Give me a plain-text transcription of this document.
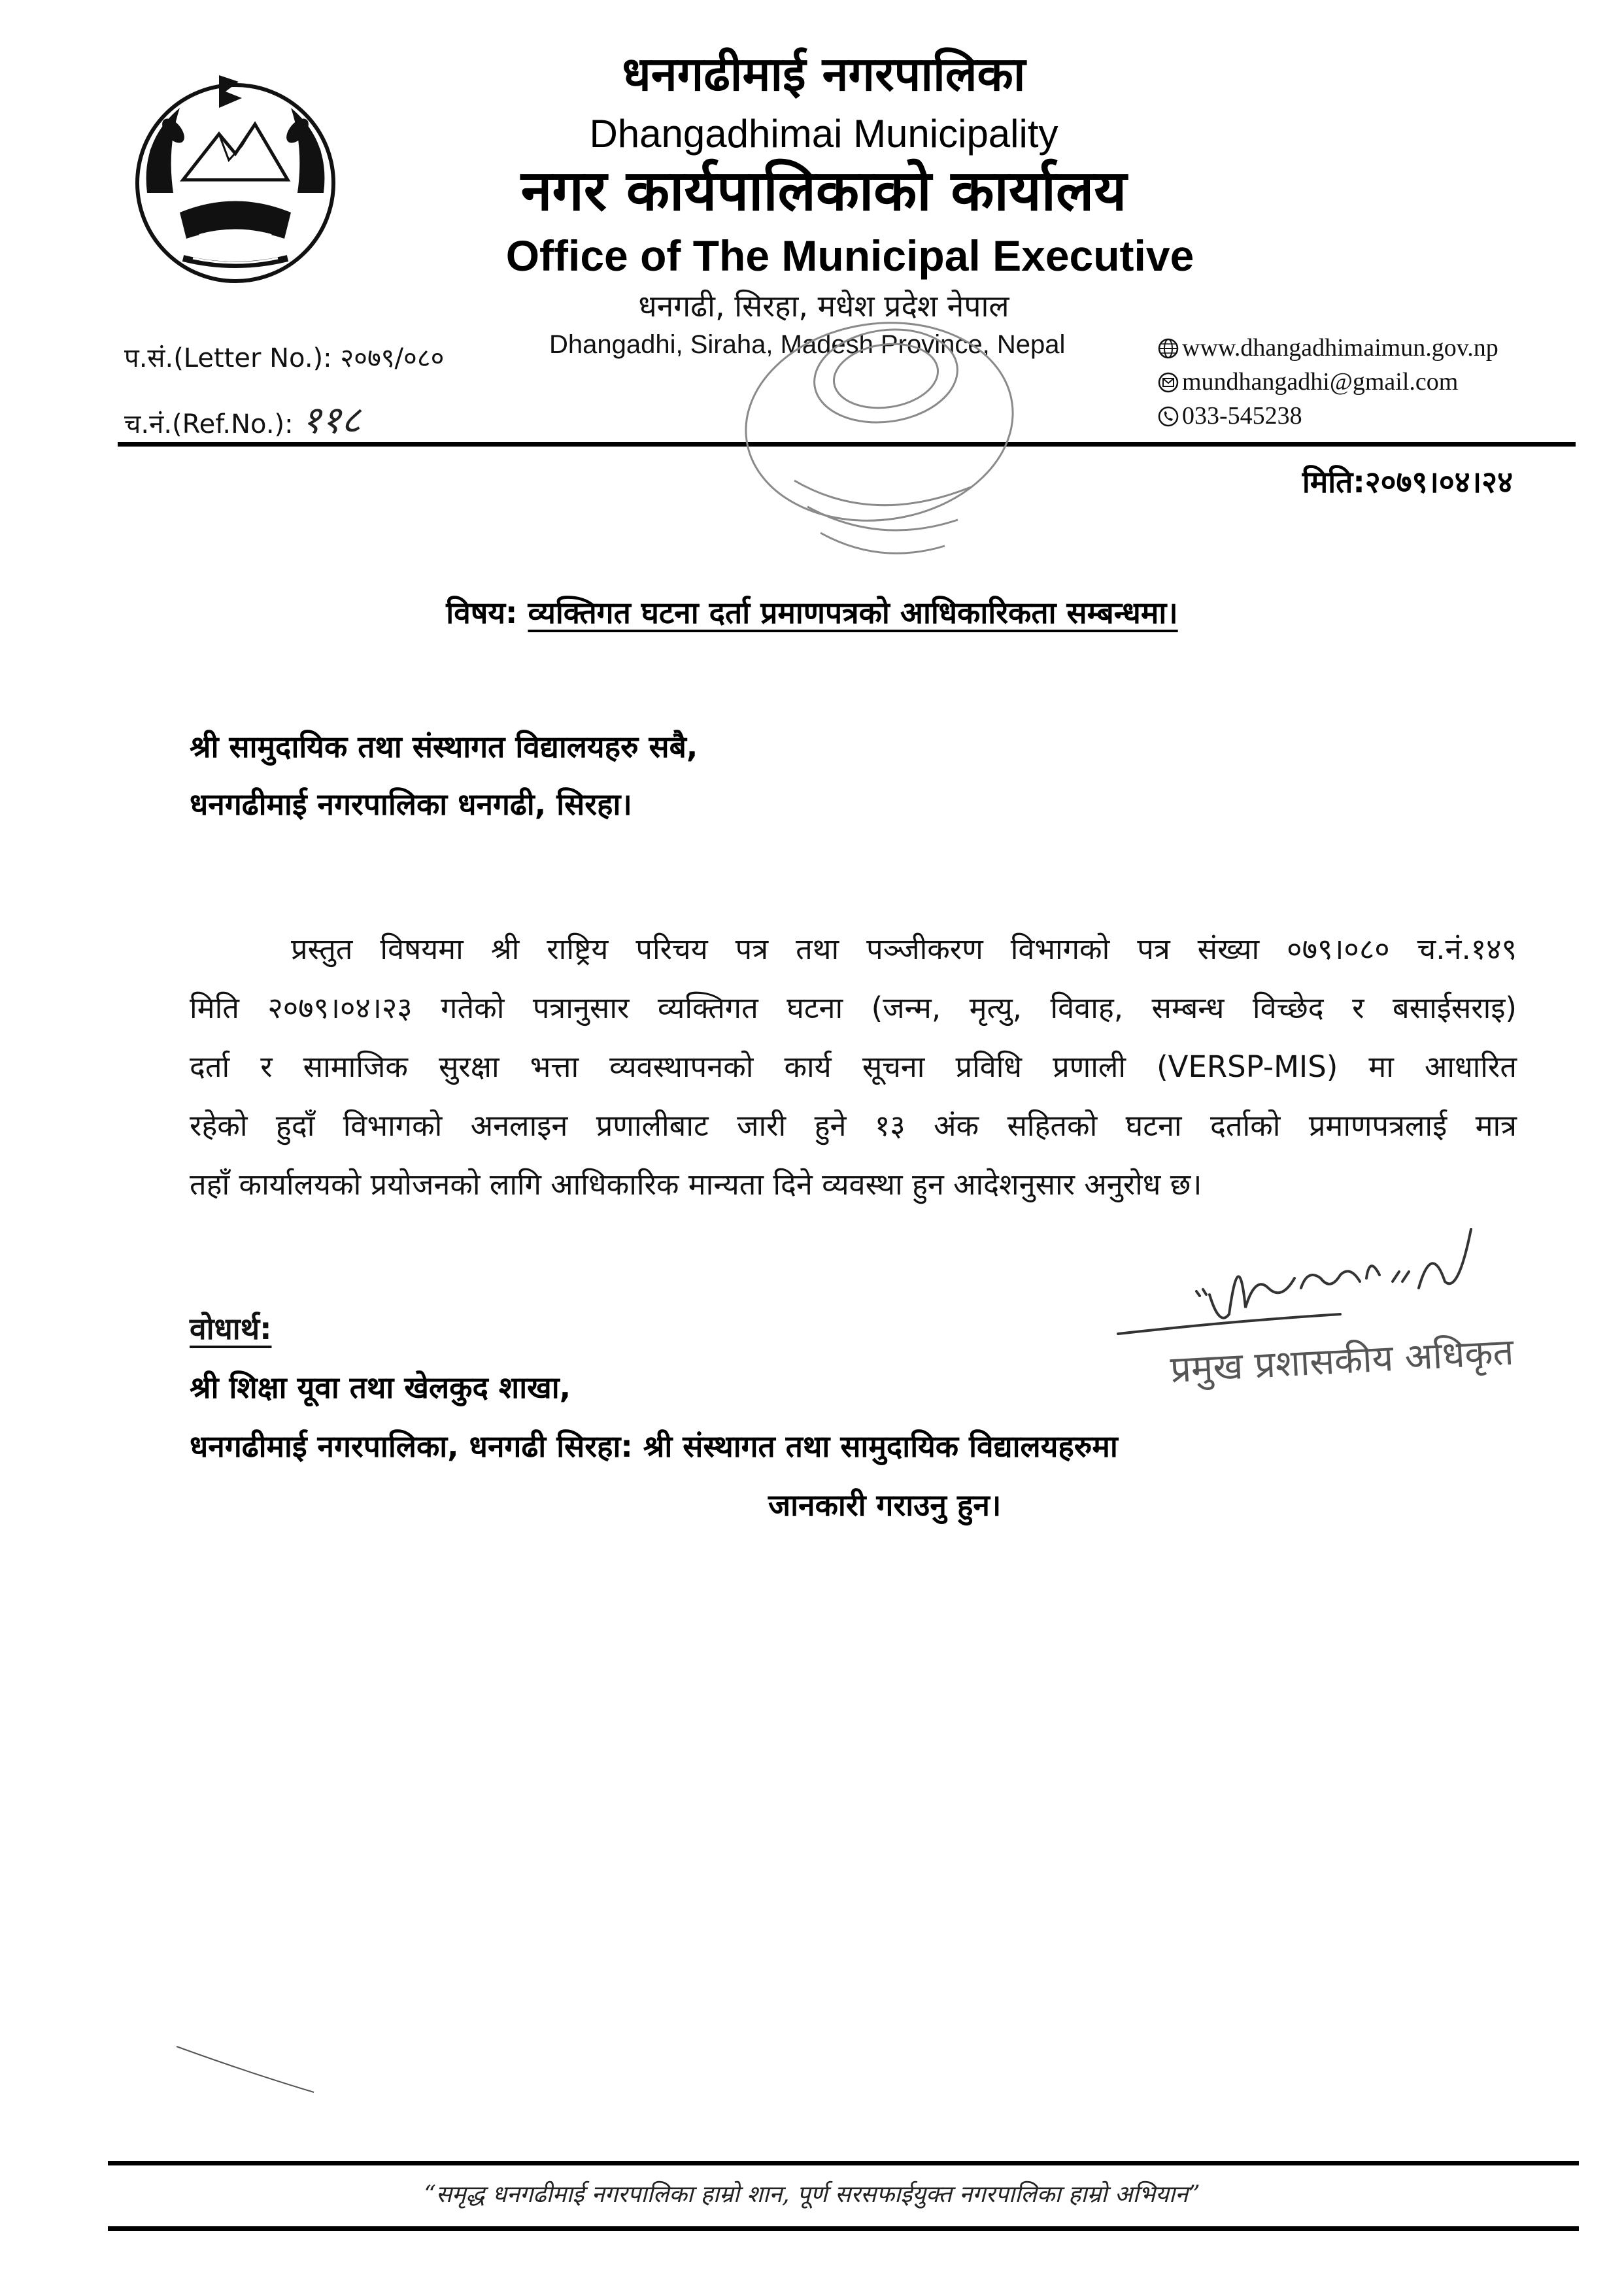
धनगढीमाई नगरपालिका
Dhangadhimai Municipality
नगर कार्यपालिकाको कार्यालय
Office of The Municipal Executive
धनगढी, सिरहा, मधेश प्रदेश नेपाल
Dhangadhi, Siraha, Madesh Province, Nepal
प.सं.(Letter No.): २०७९/०८०
च.नं.(Ref.No.): ११८
www.dhangadhimaimun.gov.np
mundhangadhi@gmail.com
033-545238
मिति:२०७९।०४।२४
विषय: व्यक्तिगत घटना दर्ता प्रमाणपत्रको आधिकारिकता सम्बन्धमा।
श्री सामुदायिक तथा संस्थागत विद्यालयहरु सबै,
धनगढीमाई नगरपालिका धनगढी, सिरहा।
प्रस्तुत विषयमा श्री राष्ट्रिय परिचय पत्र तथा पञ्जीकरण विभागको पत्र संख्या ०७९।०८० च.नं.१४९
मिति २०७९।०४।२३ गतेको पत्रानुसार व्यक्तिगत घटना (जन्म, मृत्यु, विवाह, सम्बन्ध विच्छेद र बसाईसराइ)
दर्ता र सामाजिक सुरक्षा भत्ता व्यवस्थापनको कार्य सूचना प्रविधि प्रणाली (VERSP-MIS) मा आधारित
रहेको हुदाँ विभागको अनलाइन प्रणालीबाट जारी हुने १३ अंक सहितको घटना दर्ताको प्रमाणपत्रलाई मात्र
तहाँ कार्यालयको प्रयोजनको लागि आधिकारिक मान्यता दिने व्यवस्था हुन आदेशनुसार अनुरोध छ।
प्रमुख प्रशासकीय अधिकृत
वोधार्थ:
श्री शिक्षा यूवा तथा खेलकुद शाखा,
धनगढीमाई नगरपालिका, धनगढी सिरहा: श्री संस्थागत तथा सामुदायिक विद्यालयहरुमा
जानकारी गराउनु हुन।
“समृद्ध धनगढीमाई नगरपालिका हाम्रो शान, पूर्ण सरसफाईयुक्त नगरपालिका हाम्रो अभियान”
